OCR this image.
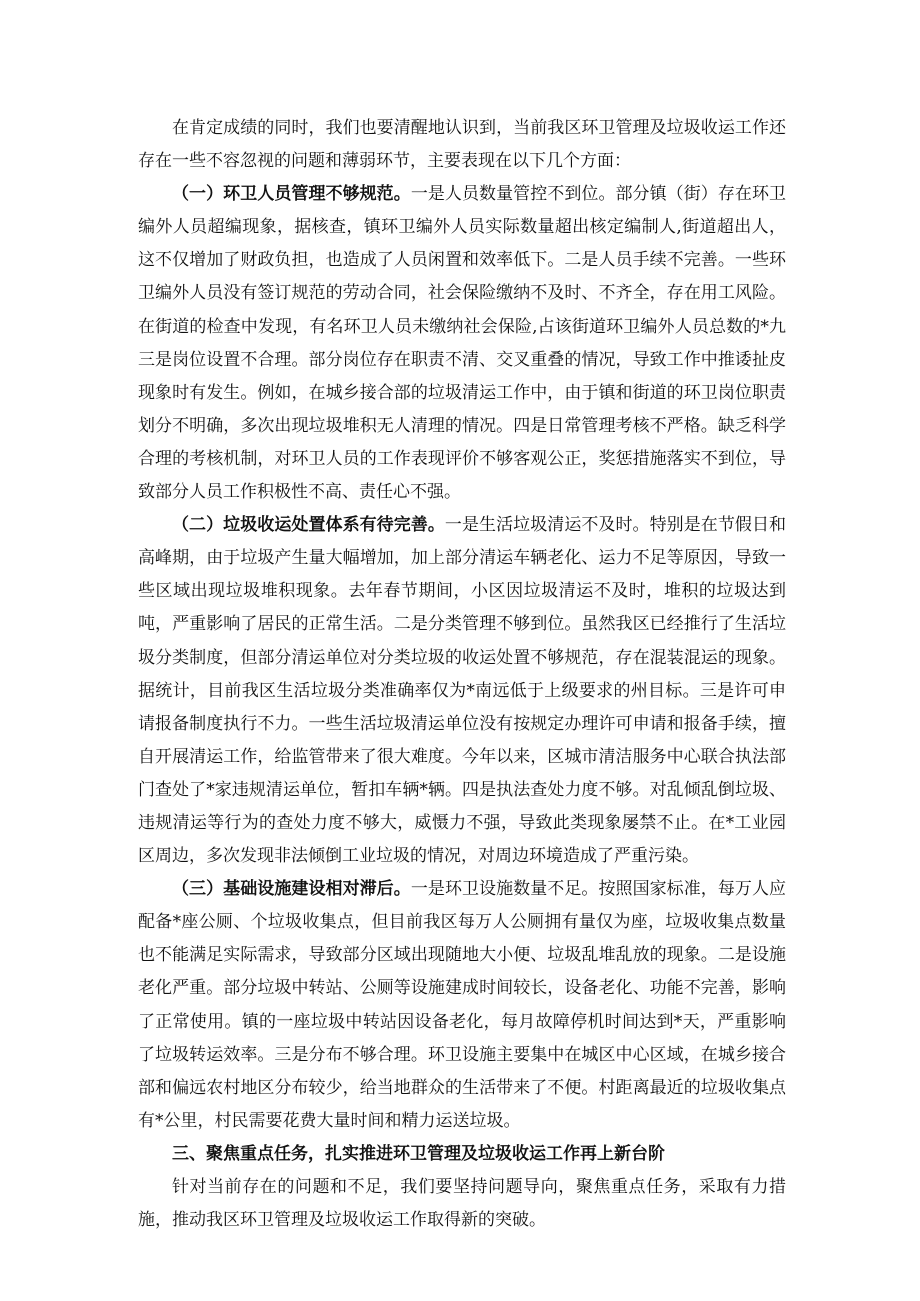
在肯定成绩的同时，我们也要清醒地认识到，当前我区环卫管理及垃圾收运工作还存在一些不容忽视的问题和薄弱环节，主要表现在以下几个方面：

（一）环卫人员管理不够规范。一是人员数量管控不到位。部分镇（街）存在环卫编外人员超编现象，据核查，镇环卫编外人员实际数量超出核定编制人,街道超出人，这不仅增加了财政负担，也造成了人员闲置和效率低下。二是人员手续不完善。一些环卫编外人员没有签订规范的劳动合同，社会保险缴纳不及时、不齐全，存在用工风险。在街道的检查中发现，有名环卫人员未缴纳社会保险,占该街道环卫编外人员总数的*九三是岗位设置不合理。部分岗位存在职责不清、交叉重叠的情况，导致工作中推诿扯皮现象时有发生。例如，在城乡接合部的垃圾清运工作中，由于镇和街道的环卫岗位职责划分不明确，多次出现垃圾堆积无人清理的情况。四是日常管理考核不严格。缺乏科学合理的考核机制，对环卫人员的工作表现评价不够客观公正，奖惩措施落实不到位，导致部分人员工作积极性不高、责任心不强。

（二）垃圾收运处置体系有待完善。一是生活垃圾清运不及时。特别是在节假日和高峰期，由于垃圾产生量大幅增加，加上部分清运车辆老化、运力不足等原因，导致一些区域出现垃圾堆积现象。去年春节期间，小区因垃圾清运不及时，堆积的垃圾达到吨，严重影响了居民的正常生活。二是分类管理不够到位。虽然我区已经推行了生活垃圾分类制度，但部分清运单位对分类垃圾的收运处置不够规范，存在混装混运的现象。据统计，目前我区生活垃圾分类准确率仅为*南远低于上级要求的州目标。三是许可申请报备制度执行不力。一些生活垃圾清运单位没有按规定办理许可申请和报备手续，擅自开展清运工作，给监管带来了很大难度。今年以来，区城市清洁服务中心联合执法部门查处了*家违规清运单位，暂扣车辆*辆。四是执法查处力度不够。对乱倾乱倒垃圾、违规清运等行为的查处力度不够大，威慑力不强，导致此类现象屡禁不止。在*工业园区周边，多次发现非法倾倒工业垃圾的情况，对周边环境造成了严重污染。

（三）基础设施建设相对滞后。一是环卫设施数量不足。按照国家标准，每万人应配备*座公厕、个垃圾收集点，但目前我区每万人公厕拥有量仅为座，垃圾收集点数量也不能满足实际需求，导致部分区域出现随地大小便、垃圾乱堆乱放的现象。二是设施老化严重。部分垃圾中转站、公厕等设施建成时间较长，设备老化、功能不完善，影响了正常使用。镇的一座垃圾中转站因设备老化，每月故障停机时间达到*天，严重影响了垃圾转运效率。三是分布不够合理。环卫设施主要集中在城区中心区域，在城乡接合部和偏远农村地区分布较少，给当地群众的生活带来了不便。村距离最近的垃圾收集点有*公里，村民需要花费大量时间和精力运送垃圾。

三、聚焦重点任务，扎实推进环卫管理及垃圾收运工作再上新台阶

针对当前存在的问题和不足，我们要坚持问题导向，聚焦重点任务，采取有力措施，推动我区环卫管理及垃圾收运工作取得新的突破。
